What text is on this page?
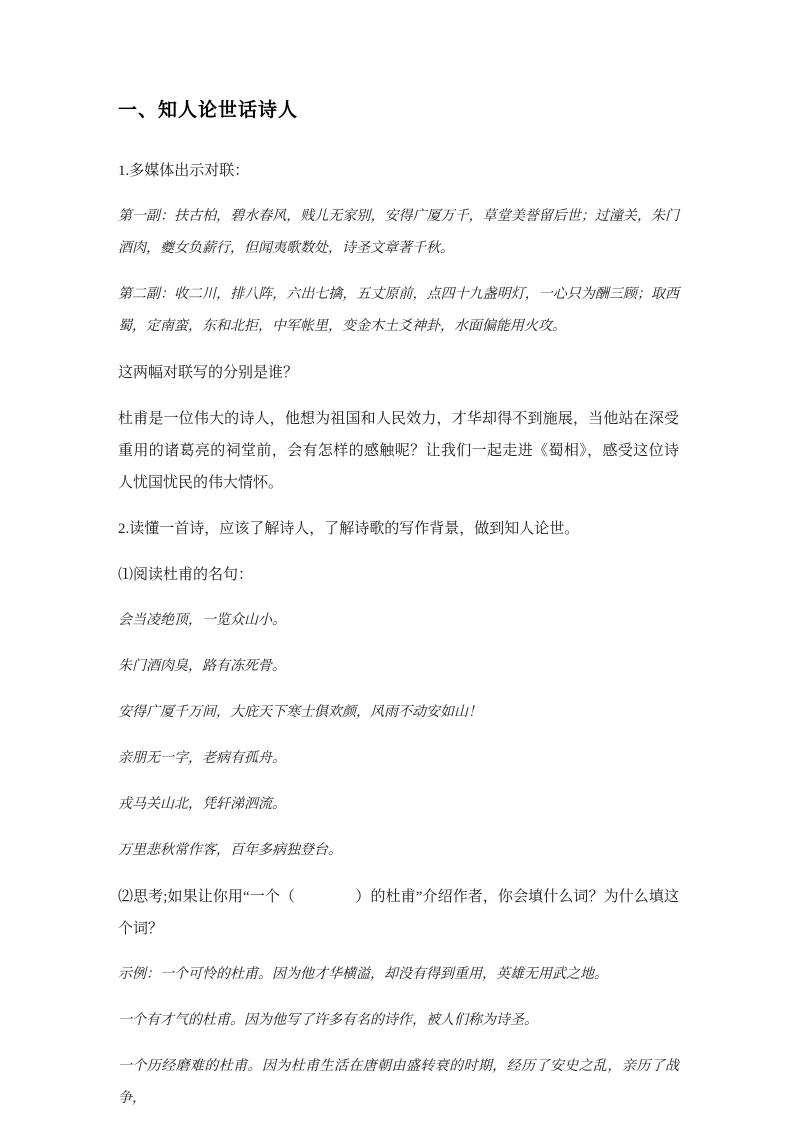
一、知人论世话诗人

1.多媒体出示对联：

第一副：扶古柏，碧水春风，贱儿无家别，安得广厦万千，草堂美誉留后世；过潼关，朱门酒肉，夔女负薪行，但闻夷歌数处，诗圣文章著千秋。

第二副：收二川，排八阵，六出七擒，五丈原前，点四十九盏明灯，一心只为酬三顾；取西蜀，定南蛮，东和北拒，中军帐里，变金木土爻神卦，水面偏能用火攻。

这两幅对联写的分别是谁？

杜甫是一位伟大的诗人，他想为祖国和人民效力，才华却得不到施展，当他站在深受重用的诸葛亮的祠堂前，会有怎样的感触呢？让我们一起走进《蜀相》，感受这位诗人忧国忧民的伟大情怀。

2.读懂一首诗，应该了解诗人，了解诗歌的写作背景，做到知人论世。

⑴阅读杜甫的名句：

会当凌绝顶，一览众山小。

朱门酒肉臭，路有冻死骨。

安得广厦千万间，大庇天下寒士俱欢颜，风雨不动安如山！

亲朋无一字，老病有孤舟。

戎马关山北，凭轩涕泗流。

万里悲秋常作客，百年多病独登台。

⑵思考;如果让你用“一个（　　　　）的杜甫”介绍作者，你会填什么词？为什么填这个词？

示例：一个可怜的杜甫。因为他才华横溢，却没有得到重用，英雄无用武之地。

一个有才气的杜甫。因为他写了许多有名的诗作，被人们称为诗圣。

一个历经磨难的杜甫。因为杜甫生活在唐朝由盛转衰的时期，经历了安史之乱，亲历了战争，
